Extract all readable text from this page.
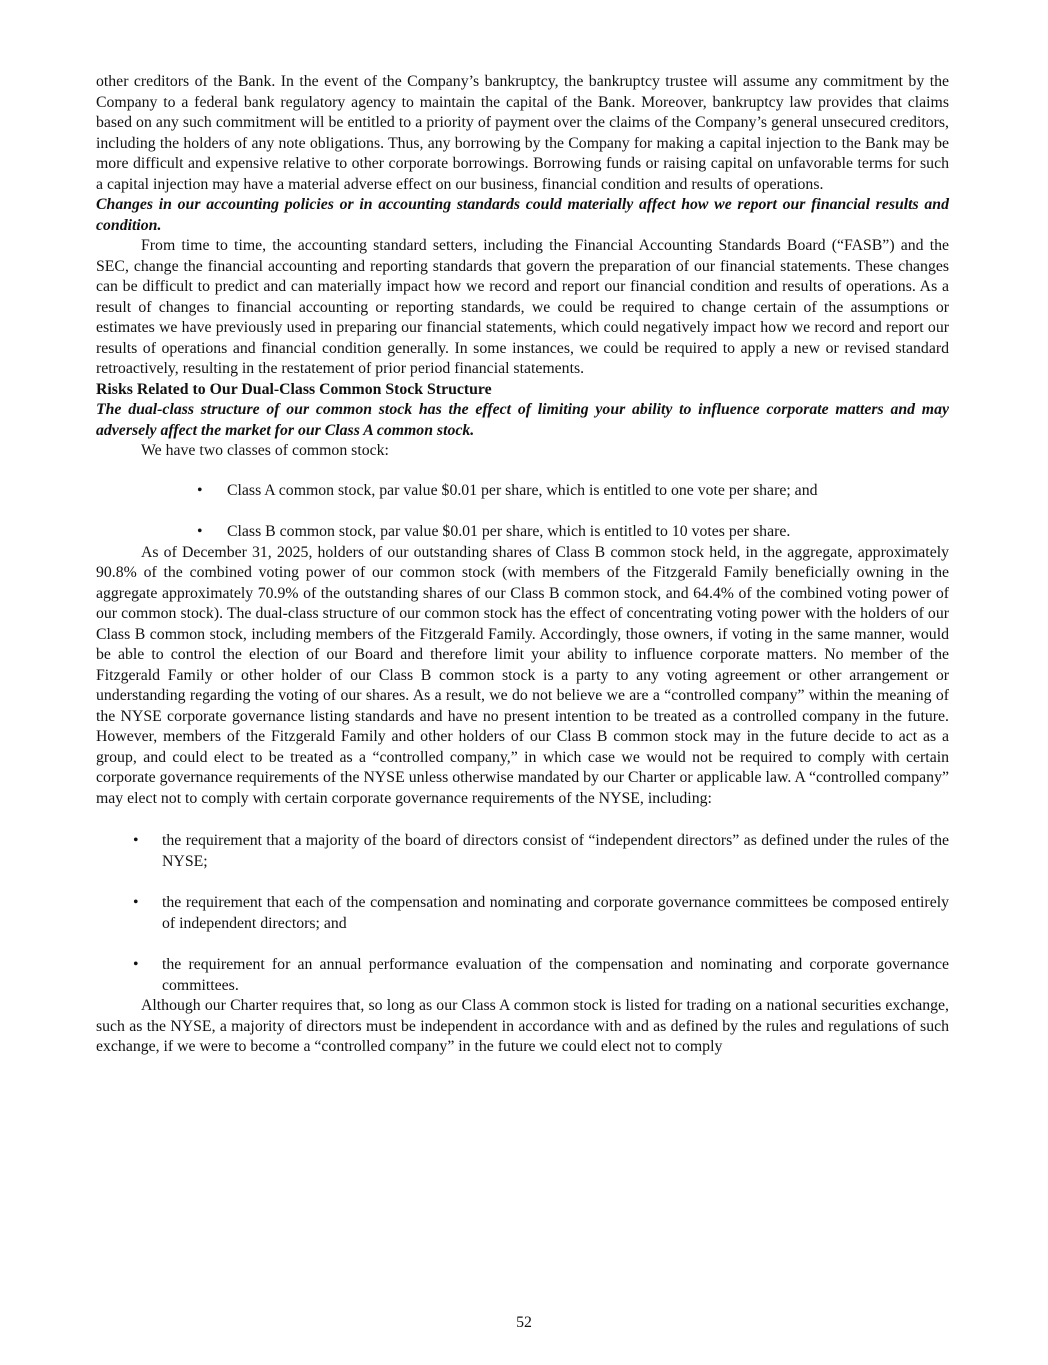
other creditors of the Bank. In the event of the Company’s bankruptcy, the bankruptcy trustee will assume any commitment by the Company to a federal bank regulatory agency to maintain the capital of the Bank. Moreover, bankruptcy law provides that claims based on any such commitment will be entitled to a priority of payment over the claims of the Company’s general unsecured creditors, including the holders of any note obligations. Thus, any borrowing by the Company for making a capital injection to the Bank may be more difficult and expensive relative to other corporate borrowings. Borrowing funds or raising capital on unfavorable terms for such a capital injection may have a material adverse effect on our business, financial condition and results of operations.

Changes in our accounting policies or in accounting standards could materially affect how we report our financial results and condition.

From time to time, the accounting standard setters, including the Financial Accounting Standards Board (“FASB”) and the SEC, change the financial accounting and reporting standards that govern the preparation of our financial statements. These changes can be difficult to predict and can materially impact how we record and report our financial condition and results of operations. As a result of changes to financial accounting or reporting standards, we could be required to change certain of the assumptions or estimates we have previously used in preparing our financial statements, which could negatively impact how we record and report our results of operations and financial condition generally. In some instances, we could be required to apply a new or revised standard retroactively, resulting in the restatement of prior period financial statements.

Risks Related to Our Dual-Class Common Stock Structure

The dual-class structure of our common stock has the effect of limiting your ability to influence corporate matters and may adversely affect the market for our Class A common stock.

We have two classes of common stock:

•	Class A common stock, par value $0.01 per share, which is entitled to one vote per share; and
•	Class B common stock, par value $0.01 per share, which is entitled to 10 votes per share.

As of December 31, 2025, holders of our outstanding shares of Class B common stock held, in the aggregate, approximately 90.8% of the combined voting power of our common stock (with members of the Fitzgerald Family beneficially owning in the aggregate approximately 70.9% of the outstanding shares of our Class B common stock, and 64.4% of the combined voting power of our common stock). The dual-class structure of our common stock has the effect of concentrating voting power with the holders of our Class B common stock, including members of the Fitzgerald Family. Accordingly, those owners, if voting in the same manner, would be able to control the election of our Board and therefore limit your ability to influence corporate matters. No member of the Fitzgerald Family or other holder of our Class B common stock is a party to any voting agreement or other arrangement or understanding regarding the voting of our shares. As a result, we do not believe we are a “controlled company” within the meaning of the NYSE corporate governance listing standards and have no present intention to be treated as a controlled company in the future. However, members of the Fitzgerald Family and other holders of our Class B common stock may in the future decide to act as a group, and could elect to be treated as a “controlled company,” in which case we would not be required to comply with certain corporate governance requirements of the NYSE unless otherwise mandated by our Charter or applicable law. A “controlled company” may elect not to comply with certain corporate governance requirements of the NYSE, including:

•	the requirement that a majority of the board of directors consist of “independent directors” as defined under the rules of the NYSE;
•	the requirement that each of the compensation and nominating and corporate governance committees be composed entirely of independent directors; and
•	the requirement for an annual performance evaluation of the compensation and nominating and corporate governance committees.

Although our Charter requires that, so long as our Class A common stock is listed for trading on a national securities exchange, such as the NYSE, a majority of directors must be independent in accordance with and as defined by the rules and regulations of such exchange, if we were to become a “controlled company” in the future we could elect not to comply

52
